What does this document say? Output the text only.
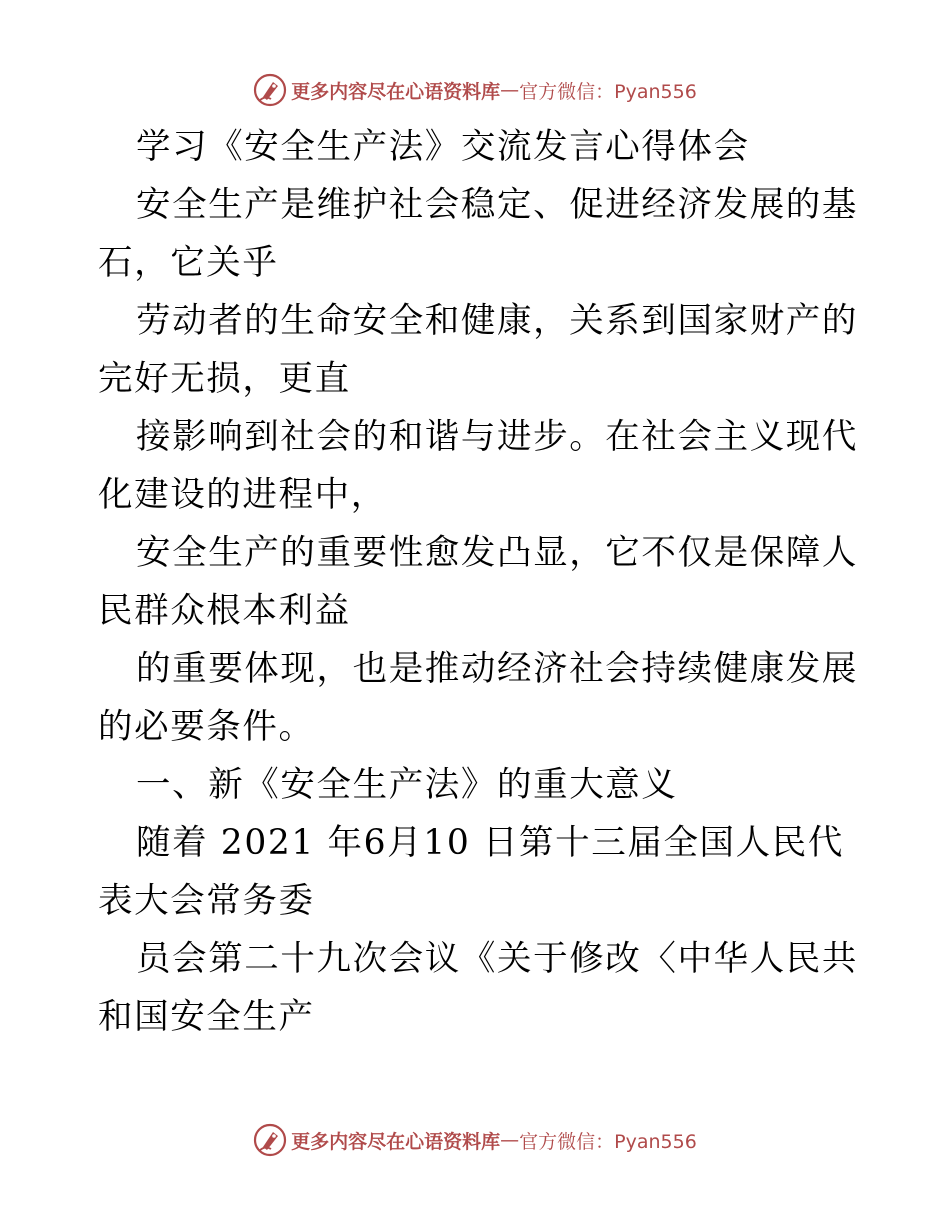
更多内容尽在心语资料库 — 官方微信：Pyan556

学习《安全生产法》交流发言心得体会

安全生产是维护社会稳定、促进经济发展的基石，它关乎

劳动者的生命安全和健康，关系到国家财产的完好无损，更直

接影响到社会的和谐与进步。在社会主义现代化建设的进程中，

安全生产的重要性愈发凸显，它不仅是保障人民群众根本利益

的重要体现，也是推动经济社会持续健康发展的必要条件。

一、新《安全生产法》的重大意义

随着 2021 年6月10 日第十三届全国人民代表大会常务委

员会第二十九次会议《关于修改〈中华人民共和国安全生产

更多内容尽在心语资料库 — 官方微信：Pyan556
